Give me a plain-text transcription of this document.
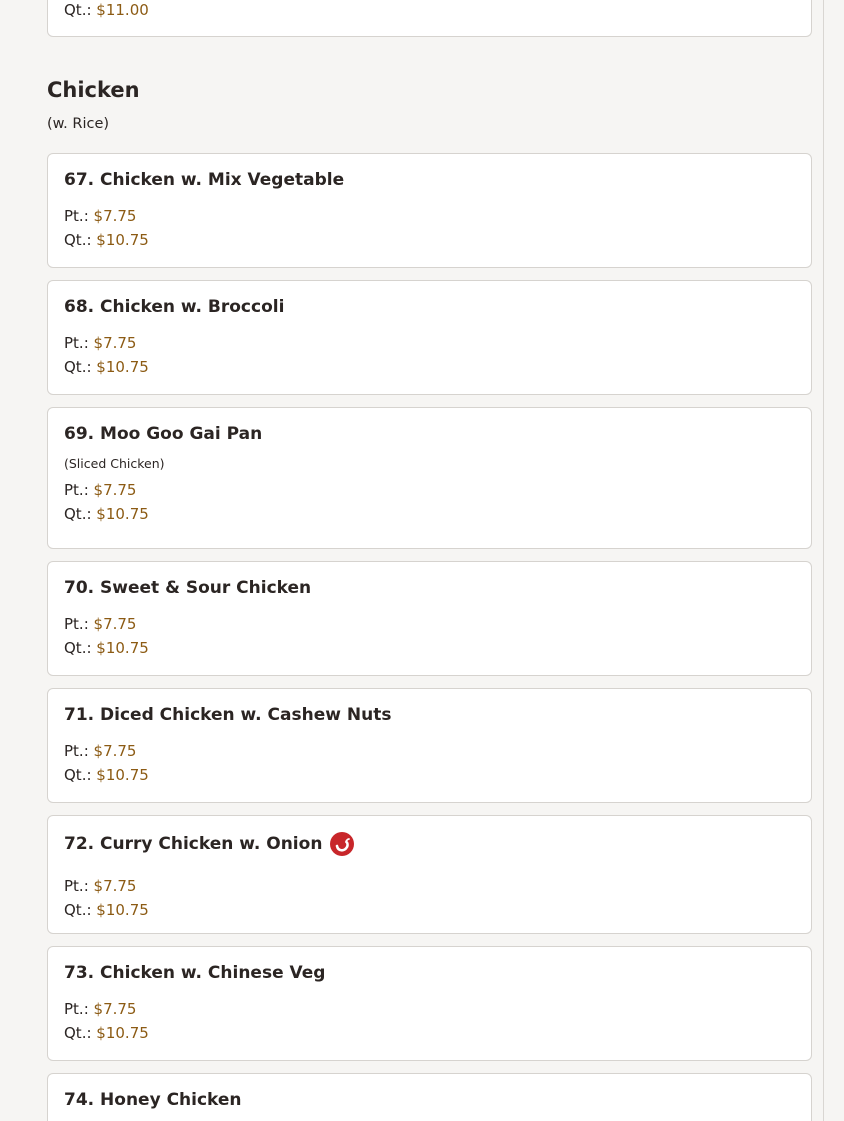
Qt.: $11.00
Chicken
(w. Rice)
67. Chicken w. Mix Vegetable
Pt.: $7.75
Qt.: $10.75
68. Chicken w. Broccoli
Pt.: $7.75
Qt.: $10.75
69. Moo Goo Gai Pan
(Sliced Chicken)
Pt.: $7.75
Qt.: $10.75
70. Sweet & Sour Chicken
Pt.: $7.75
Qt.: $10.75
71. Diced Chicken w. Cashew Nuts
Pt.: $7.75
Qt.: $10.75
72. Curry Chicken w. Onion
Pt.: $7.75
Qt.: $10.75
73. Chicken w. Chinese Veg
Pt.: $7.75
Qt.: $10.75
74. Honey Chicken
